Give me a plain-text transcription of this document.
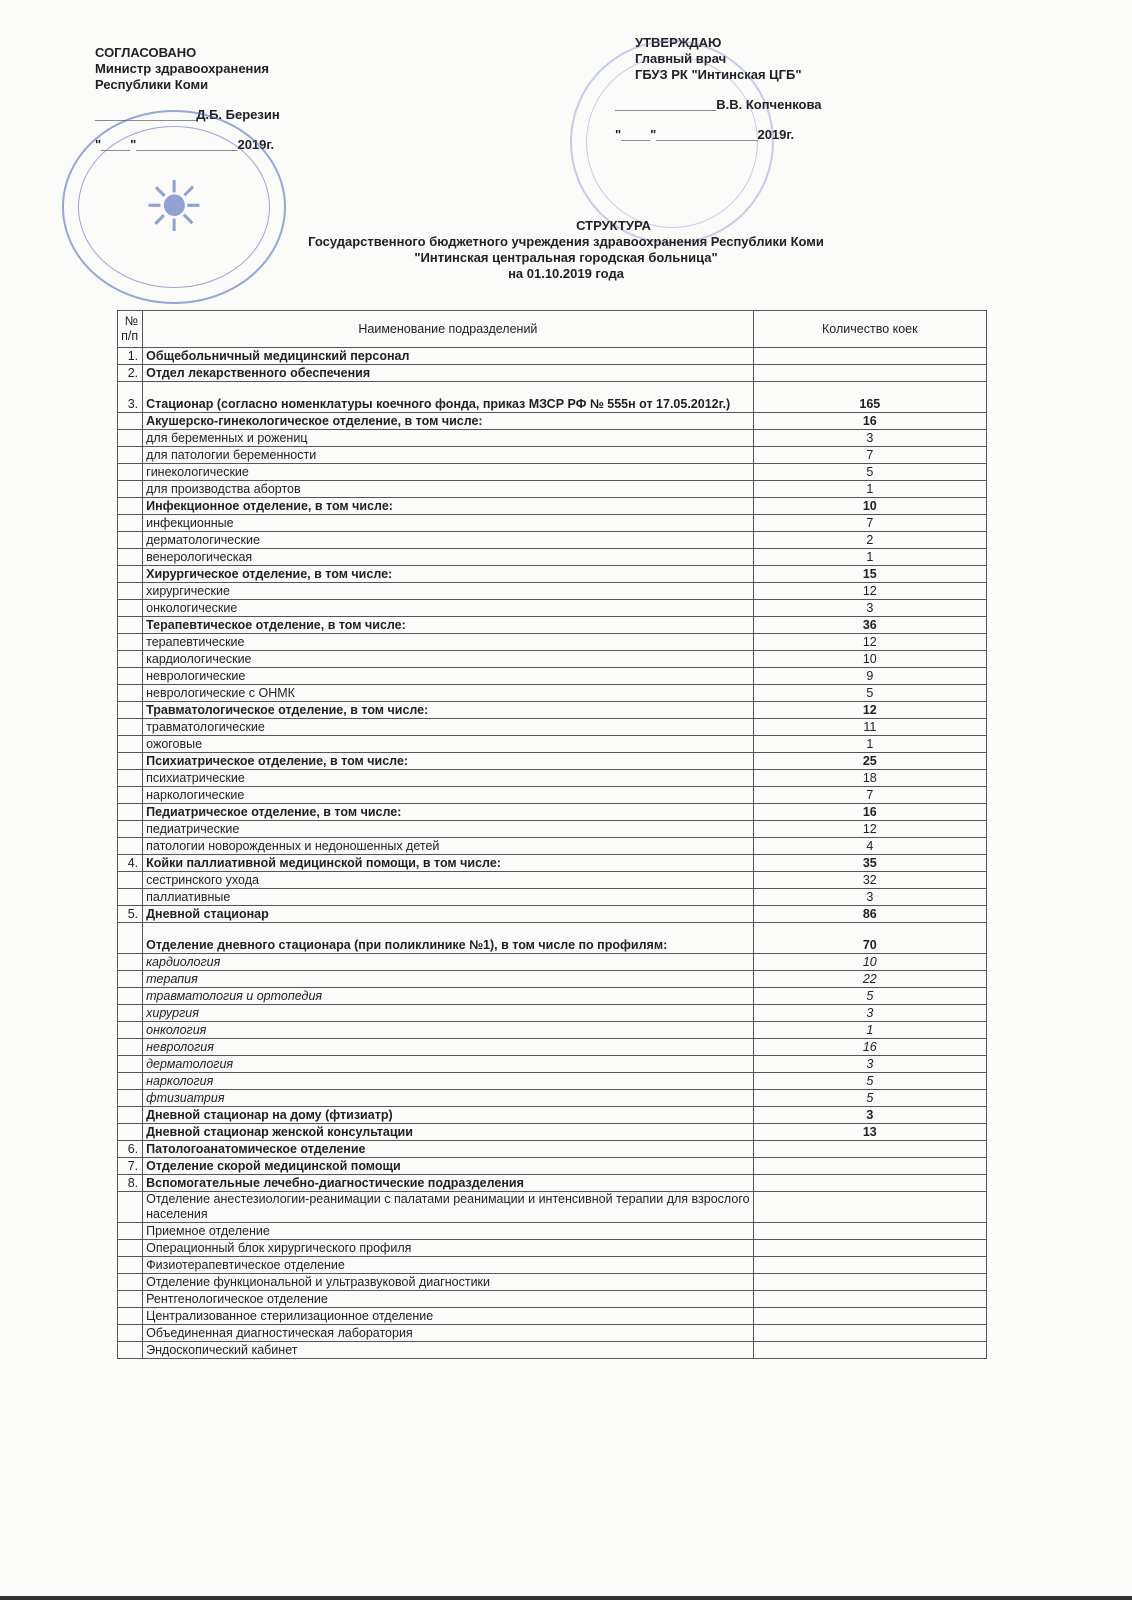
СОГЛАСОВАНО
Министр здравоохранения
Республики Коми
______________Д.Б. Березин
"____"______________2019г.
УТВЕРЖДАЮ
Главный врач
ГБУЗ РК "Интинская ЦГБ"
______________В.В. Копченкова
"____"______________2019г.
☀	СТРУКТУРА
Государственного бюджетного учреждения здравоохранения Республики Коми
"Интинская центральная городская больница"
на 01.10.2019 года
№ п/п	Наименование подразделений	Количество коек
1.	Общебольничный медицинский персонал	
2.	Отдел лекарственного обеспечения	
3.	Стационар (согласно номенклатуры коечного фонда, приказ МЗСР РФ № 555н от 17.05.2012г.)	165
	Акушерско-гинекологическое отделение, в том числе:	16
	для беременных и рожениц	3
	для патологии беременности	7
	гинекологические	5
	для производства абортов	1
	Инфекционное отделение, в том числе:	10
	инфекционные	7
	дерматологические	2
	венерологическая	1
	Хирургическое отделение, в том числе:	15
	хирургические	12
	онкологические	3
	Терапевтическое отделение, в том числе:	36
	терапевтические	12
	кардиологические	10
	неврологические	9
	неврологические с ОНМК	5
	Травматологическое отделение, в том числе:	12
	травматологические	11
	ожоговые	1
	Психиатрическое отделение, в том числе:	25
	психиатрические	18
	наркологические	7
	Педиатрическое отделение, в том числе:	16
	педиатрические	12
	патологии новорожденных и недоношенных детей	4
4.	Койки паллиативной медицинской помощи, в том числе:	35
	сестринского ухода	32
	паллиативные	3
5.	Дневной стационар	86
	Отделение дневного стационара (при поликлинике №1), в том числе по профилям:	70
	кардиология	10
	терапия	22
	травматология и ортопедия	5
	хирургия	3
	онкология	1
	неврология	16
	дерматология	3
	наркология	5
	фтизиатрия	5
	Дневной стационар на дому (фтизиатр)	3
	Дневной стационар женской консультации	13
6.	Патологоанатомическое отделение	
7.	Отделение скорой медицинской помощи	
8.	Вспомогательные лечебно-диагностические подразделения	
	Отделение анестезиологии-реанимации с палатами реанимации и интенсивной терапии для взрослого населения	
	Приемное отделение	
	Операционный блок хирургического профиля	
	Физиотерапевтическое отделение	
	Отделение функциональной и ультразвуковой диагностики	
	Рентгенологическое отделение	
	Централизованное стерилизационное отделение	
	Объединенная диагностическая лаборатория	
	Эндоскопический кабинет	
